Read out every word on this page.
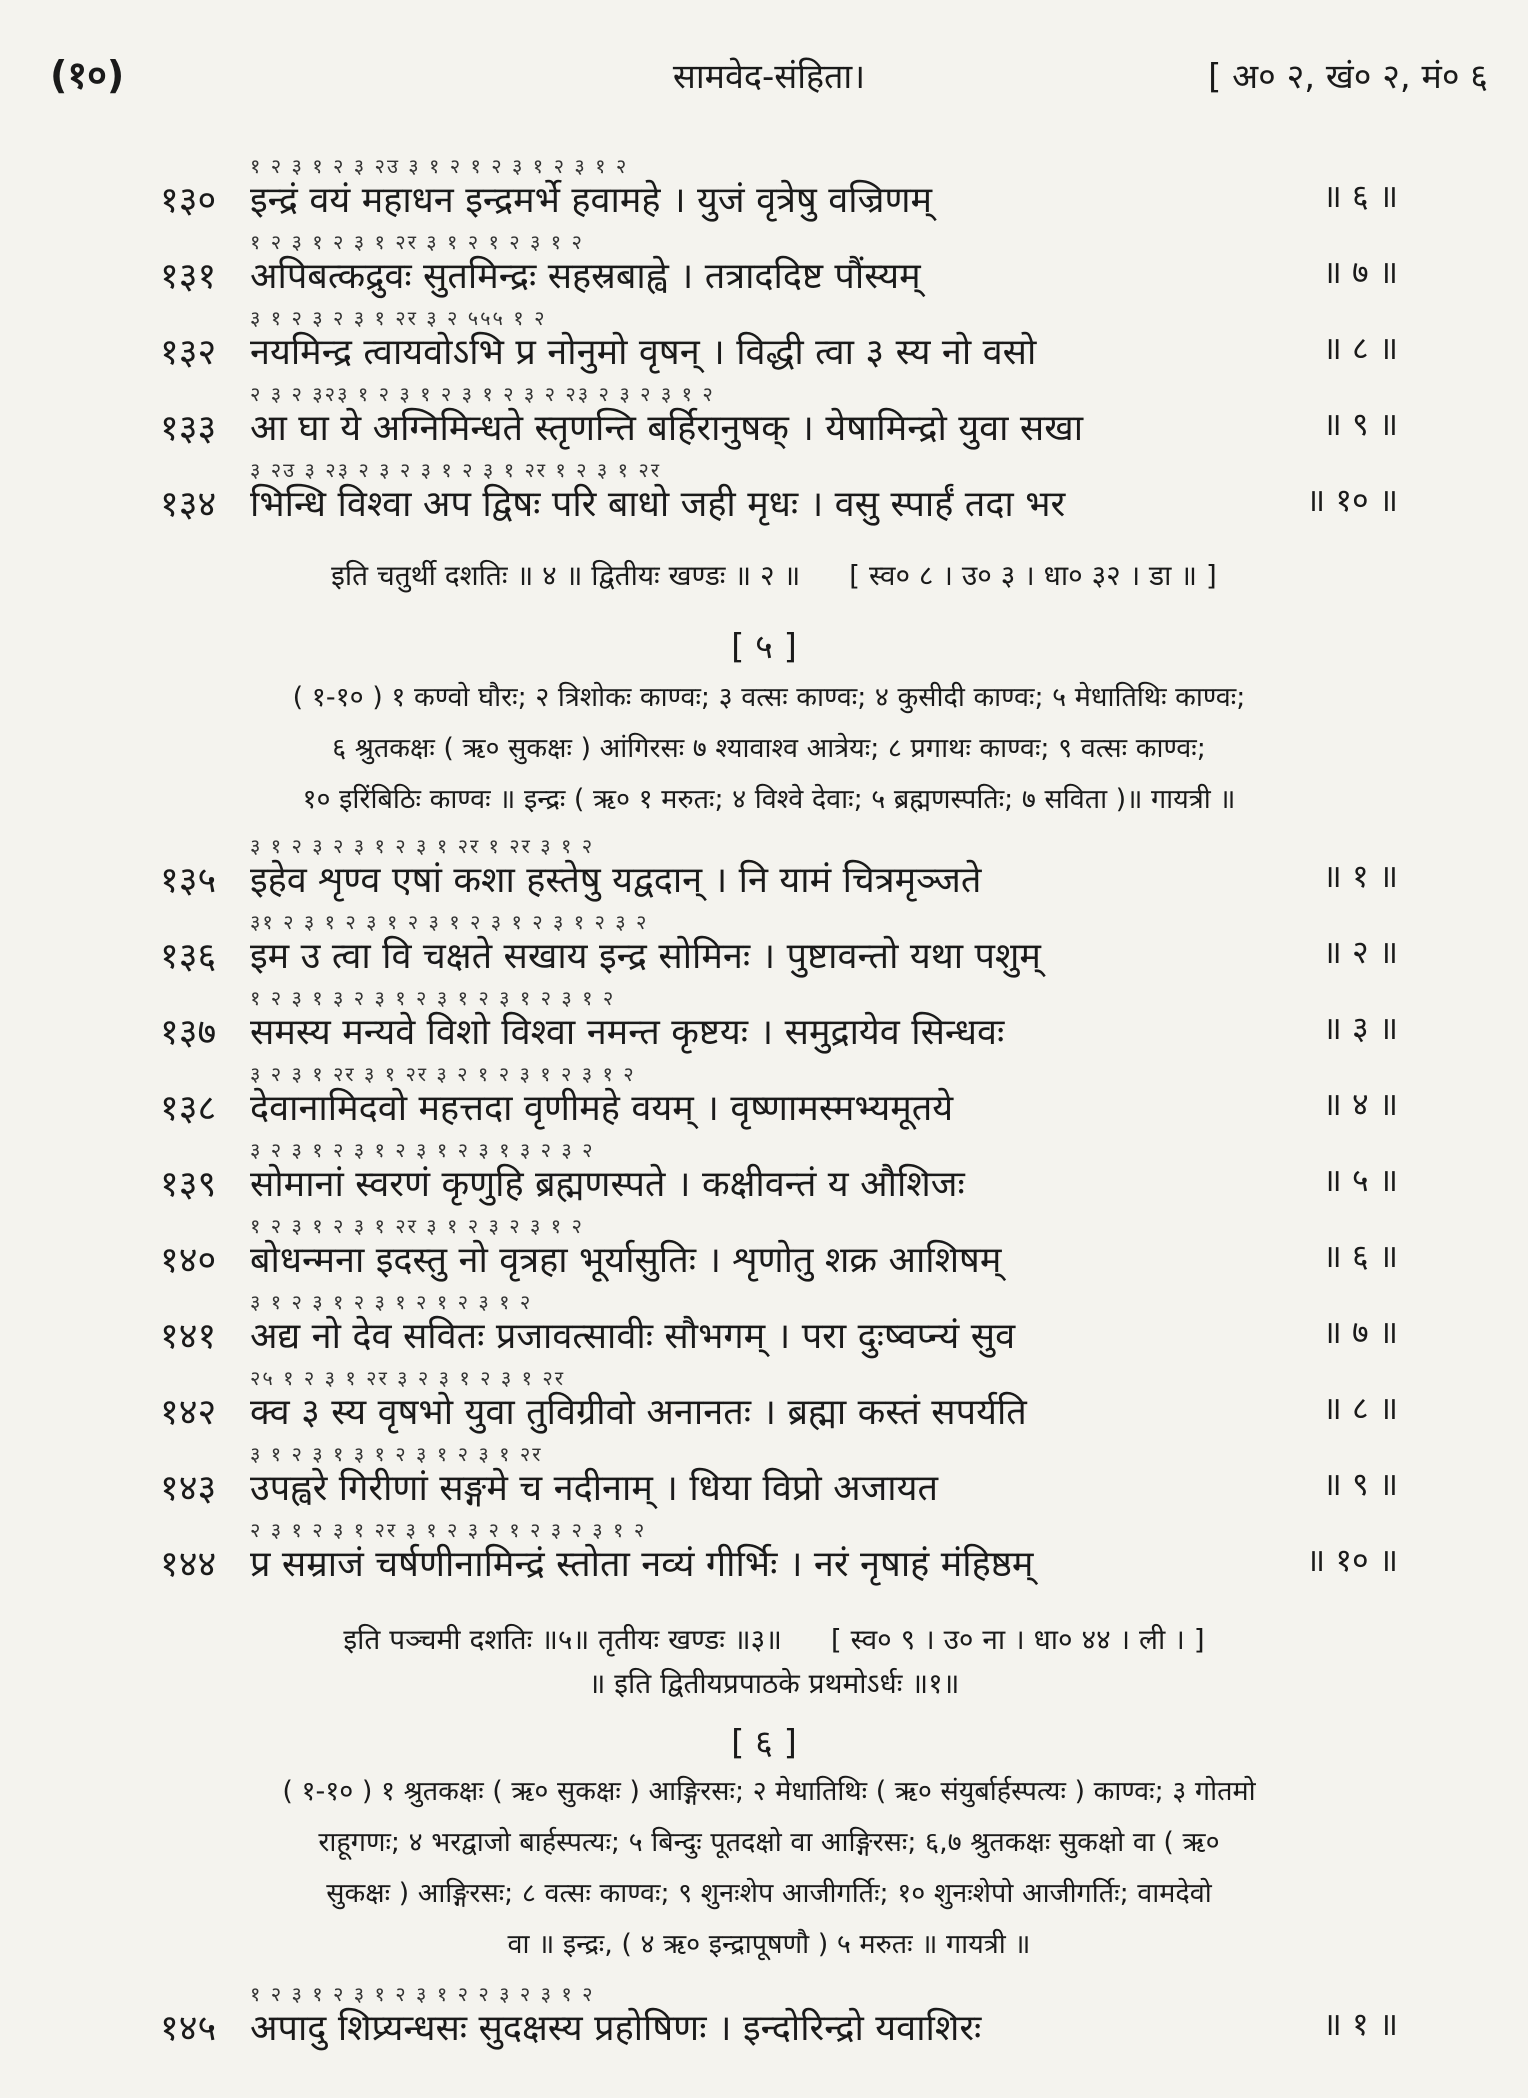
(१०)	सामवेद-संहिता।	[ अ० २, खं० २, मं० ६
१ २ ३ १ २ ३ २उ ३ १ २ १ २ ३ १ २ ३ १ २
१३० इन्द्रं वयं महाधन इन्द्रमर्भे हवामहे । युजं वृत्रेषु वज्रिणम्	॥ ६ ॥
१ २ ३ १ २ ३ १ २र ३ १ २ १ २ ३ १ २
१३१ अपिबत्कद्रुवः सुतमिन्द्रः सहस्रबाह्वे । तत्राददिष्ट पौंस्यम्	॥ ७ ॥
३ १ २ ३ २ ३ १ २र ३ २ ५५५ १ २
१३२ नयमिन्द्र त्वायवोऽभि प्र नोनुमो वृषन् । विद्धी त्वा ३ स्य नो वसो	॥ ८ ॥
२ ३ २ ३२३ १ २ ३ १ २ ३ १ २ ३ २ २३ २ ३ २ ३ १ २
१३३ आ घा ये अग्निमिन्धते स्तृणन्ति बर्हिरानुषक् । येषामिन्द्रो युवा सखा	॥ ९ ॥
३ २उ ३ २३ २ ३ २ ३ १ २ ३ १ २र १ २ ३ १ २र
१३४ भिन्धि विश्वा अप द्विषः परि बाधो जही मृधः । वसु स्पार्हं तदा भर	॥ १० ॥
इति चतुर्थी दशतिः ॥ ४ ॥ द्वितीयः खण्डः ॥ २ ॥ [ स्व० ८ । उ० ३ । धा० ३२ । डा ॥ ]
[ ५ ]

( १-१० ) १ कण्वो घौरः; २ त्रिशोकः काण्वः; ३ वत्सः काण्वः; ४ कुसीदी काण्वः; ५ मेधातिथिः काण्वः;

६ श्रुतकक्षः ( ऋ० सुकक्षः ) आंगिरसः ७ श्यावाश्व आत्रेयः; ८ प्रगाथः काण्वः; ९ वत्सः काण्वः;

१० इरिंबिठिः काण्वः ॥ इन्द्रः ( ऋ० १ मरुतः; ४ विश्वे देवाः; ५ ब्रह्मणस्पतिः; ७ सविता )॥ गायत्री ॥

३ १ २ ३ २ ३ १ २ ३ १ २र १ २र ३ १ २
१३५ इहेव शृण्व एषां कशा हस्तेषु यद्वदान् । नि यामं चित्रमृञ्जते	॥ १ ॥
३१ २ ३ १ २ ३ १ २ ३ १ २ ३ १ २ ३ १ २ ३ २
१३६ इम उ त्वा वि चक्षते सखाय इन्द्र सोमिनः । पुष्टावन्तो यथा पशुम्	॥ २ ॥
१ २ ३ १ ३ २ ३ १ २ ३ १ २ ३ १ २ ३ १ २
१३७ समस्य मन्यवे विशो विश्वा नमन्त कृष्टयः । समुद्रायेव सिन्धवः	॥ ३ ॥
३ २ ३ १ २र ३ १ २र ३ २ १ २ ३ १ २ ३ १ २
१३८ देवानामिदवो महत्तदा वृणीमहे वयम् । वृष्णामस्मभ्यमूतये	॥ ४ ॥
३ २ ३ १ २ ३ १ २ ३ १ २ ३ १ ३ २ ३ २
१३९ सोमानां स्वरणं कृणुहि ब्रह्मणस्पते । कक्षीवन्तं य औशिजः	॥ ५ ॥
१ २ ३ १ २ ३ १ २र ३ १ २ ३ २ ३ १ २
१४० बोधन्मना इदस्तु नो वृत्रहा भूर्यासुतिः । शृणोतु शक्र आशिषम्	॥ ६ ॥
३ १ २ ३ १ २ ३ १ २ १ २ ३ १ २
१४१ अद्य नो देव सवितः प्रजावत्सावीः सौभगम् । परा दुःष्वप्न्यं सुव	॥ ७ ॥
२५ १ २ ३ १ २र ३ २ ३ १ २ ३ १ २र
१४२ क्व ३ स्य वृषभो युवा तुविग्रीवो अनानतः । ब्रह्मा कस्तं सपर्यति	॥ ८ ॥
३ १ २ ३ १ ३ १ २ ३ १ २ ३ १ २र
१४३ उपह्वरे गिरीणां सङ्गमे च नदीनाम् । धिया विप्रो अजायत	॥ ९ ॥
२ ३ १ २ ३ १ २र ३ १ २ ३ २ १ २ ३ २ ३ १ २
१४४ प्र सम्राजं चर्षणीनामिन्द्रं स्तोता नव्यं गीर्भिः । नरं नृषाहं मंहिष्ठम्	॥ १० ॥
इति पञ्चमी दशतिः ॥५॥ तृतीयः खण्डः ॥३॥ [ स्व० ९ । उ० ना । धा० ४४ । ली । ]
॥ इति द्वितीयप्रपाठके प्रथमोऽर्धः ॥१॥
[ ६ ]

( १-१० ) १ श्रुतकक्षः ( ऋ० सुकक्षः ) आङ्गिरसः; २ मेधातिथिः ( ऋ० संयुर्बार्हस्पत्यः ) काण्वः; ३ गोतमो

राहूगणः; ४ भरद्वाजो बार्हस्पत्यः; ५ बिन्दुः पूतदक्षो वा आङ्गिरसः; ६,७ श्रुतकक्षः सुकक्षो वा ( ऋ०

सुकक्षः ) आङ्गिरसः; ८ वत्सः काण्वः; ९ शुनःशेप आजीगर्तिः; १० शुनःशेपो आजीगर्तिः; वामदेवो

वा ॥ इन्द्रः, ( ४ ऋ० इन्द्रापूषणौ ) ५ मरुतः ॥ गायत्री ॥

१ २ ३ १ २ ३ १ २ ३ १ २ २ ३ २ ३ १ २
१४५ अपादु शिप्र्यन्धसः सुदक्षस्य प्रहोषिणः । इन्दोरिन्द्रो यवाशिरः	॥ १ ॥
